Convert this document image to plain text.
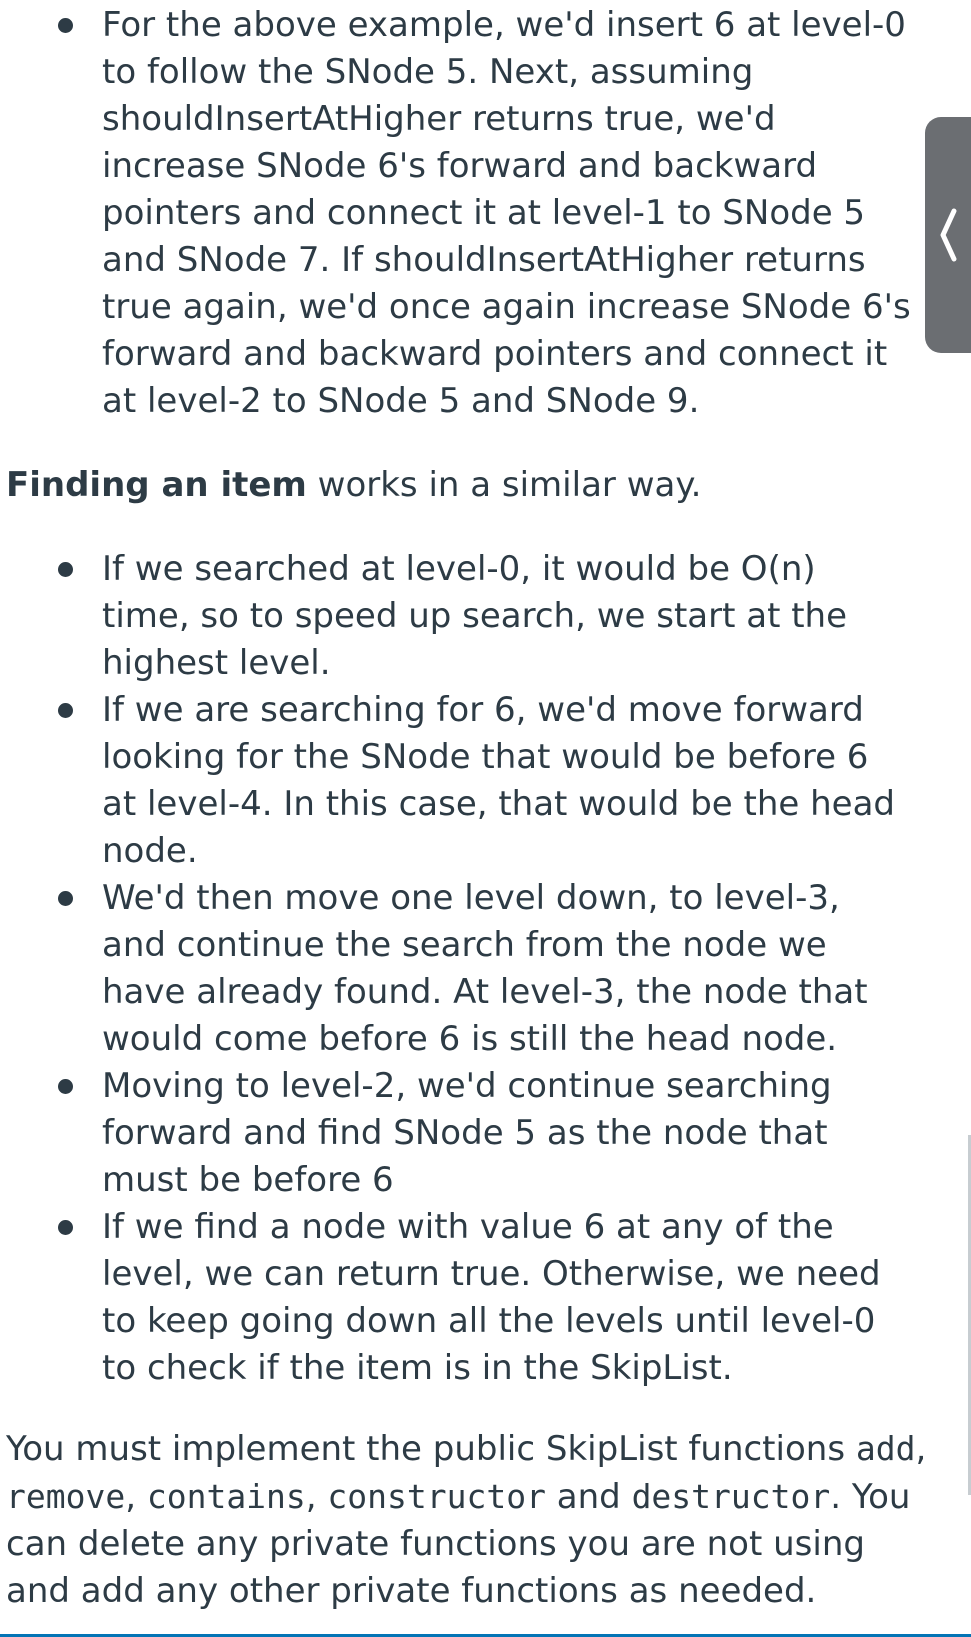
For the above example, we'd insert 6 at level-0 to follow the SNode 5. Next, assuming shouldInsertAtHigher returns true, we'd increase SNode 6's forward and backward pointers and connect it at level-1 to SNode 5 and SNode 7. If shouldInsertAtHigher returns true again, we'd once again increase SNode 6's forward and backward pointers and connect it at level-2 to SNode 5 and SNode 9.

Finding an item works in a similar way.

If we searched at level-0, it would be O(n) time, so to speed up search, we start at the highest level.
If we are searching for 6, we'd move forward looking for the SNode that would be before 6 at level-4. In this case, that would be the head node.
We'd then move one level down, to level-3, and continue the search from the node we have already found. At level-3, the node that would come before 6 is still the head node.
Moving to level-2, we'd continue searching forward and find SNode 5 as the node that must be before 6
If we find a node with value 6 at any of the level, we can return true. Otherwise, we need to keep going down all the levels until level-0 to check if the item is in the SkipList.

You must implement the public SkipList functions add, remove, contains, constructor and destructor. You can delete any private functions you are not using and add any other private functions as needed.
